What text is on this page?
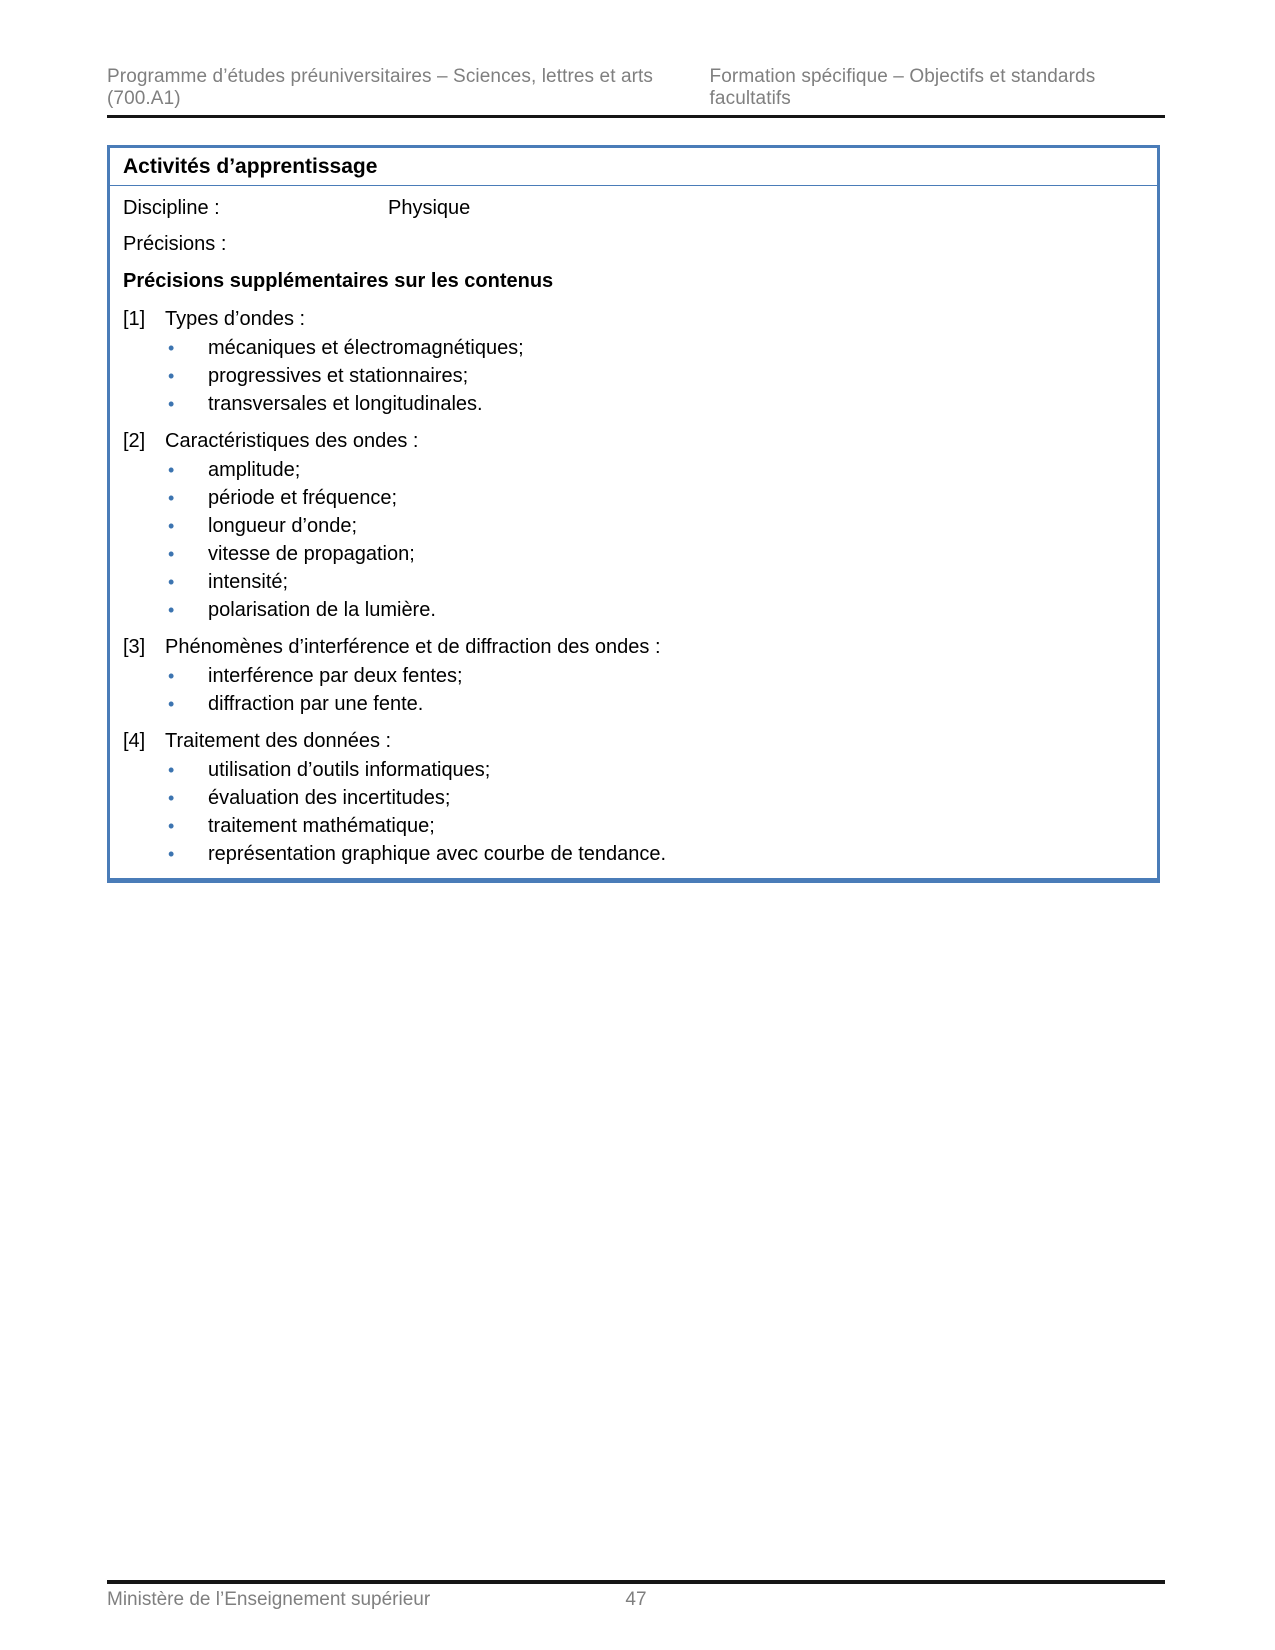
Programme d’études préuniversitaires – Sciences, lettres et arts (700.A1)
Formation spécifique – Objectifs et standards facultatifs
Activités d’apprentissage
Discipline :	Physique
Précisions :
Précisions supplémentaires sur les contenus
[1] Types d’ondes :
•	mécaniques et électromagnétiques;
•	progressives et stationnaires;
•	transversales et longitudinales.
[2] Caractéristiques des ondes :
•	amplitude;
•	période et fréquence;
•	longueur d’onde;
•	vitesse de propagation;
•	intensité;
•	polarisation de la lumière.
[3] Phénomènes d’interférence et de diffraction des ondes :
•	interférence par deux fentes;
•	diffraction par une fente.
[4] Traitement des données :
•	utilisation d’outils informatiques;
•	évaluation des incertitudes;
•	traitement mathématique;
•	représentation graphique avec courbe de tendance.
Ministère de l’Enseignement supérieur	47
